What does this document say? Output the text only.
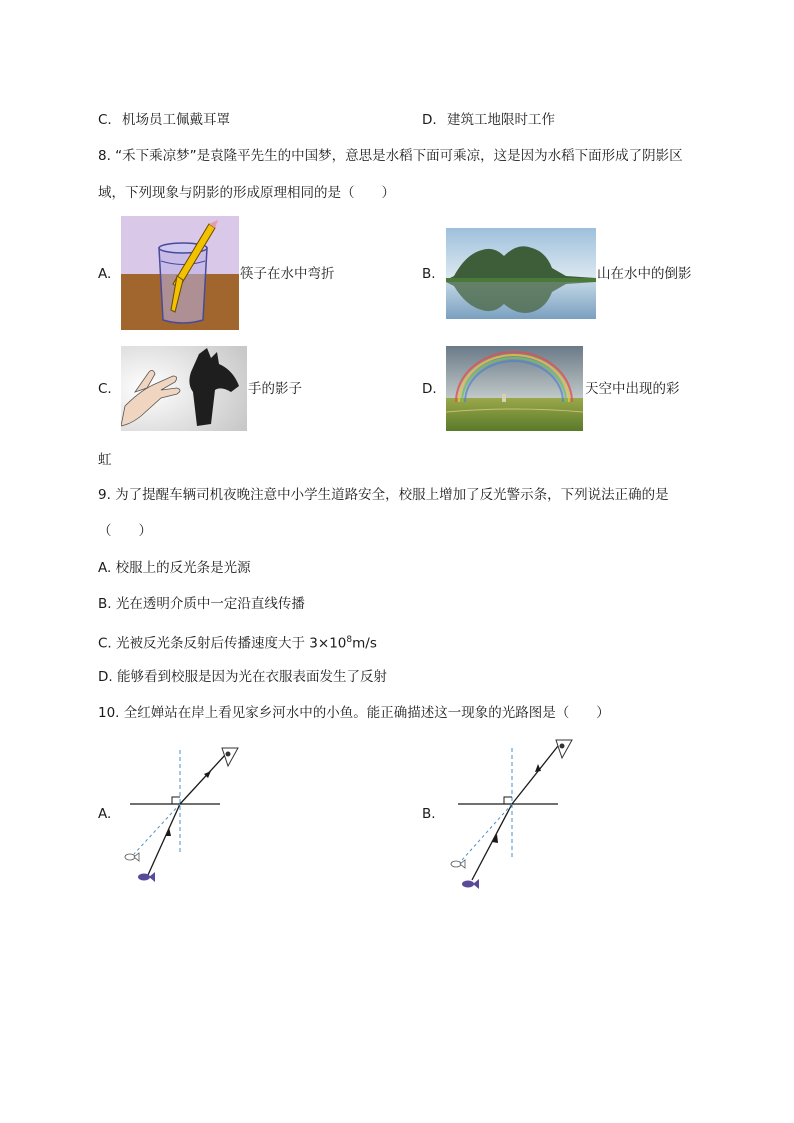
C. 机场员工佩戴耳罩	D. 建筑工地限时工作
8. “禾下乘凉梦”是袁隆平先生的中国梦，意思是水稻下面可乘凉，这是因为水稻下面形成了阴影区
域，下列现象与阴影的形成原理相同的是（　　）
A.	筷子在水中弯折	B.	山在水中的倒影
C.	手的影子	D.	天空中出现的彩
虹
9. 为了提醒车辆司机夜晚注意中小学生道路安全，校服上增加了反光警示条，下列说法正确的是
（　　）
A. 校服上的反光条是光源
B. 光在透明介质中一定沿直线传播
C. 光被反光条反射后传播速度大于 $3\times 10^8m/s$
D. 能够看到校服是因为光在衣服表面发生了反射
10. 全红婵站在岸上看见家乡河水中的小鱼。能正确描述这一现象的光路图是（　　）
A.	B.
